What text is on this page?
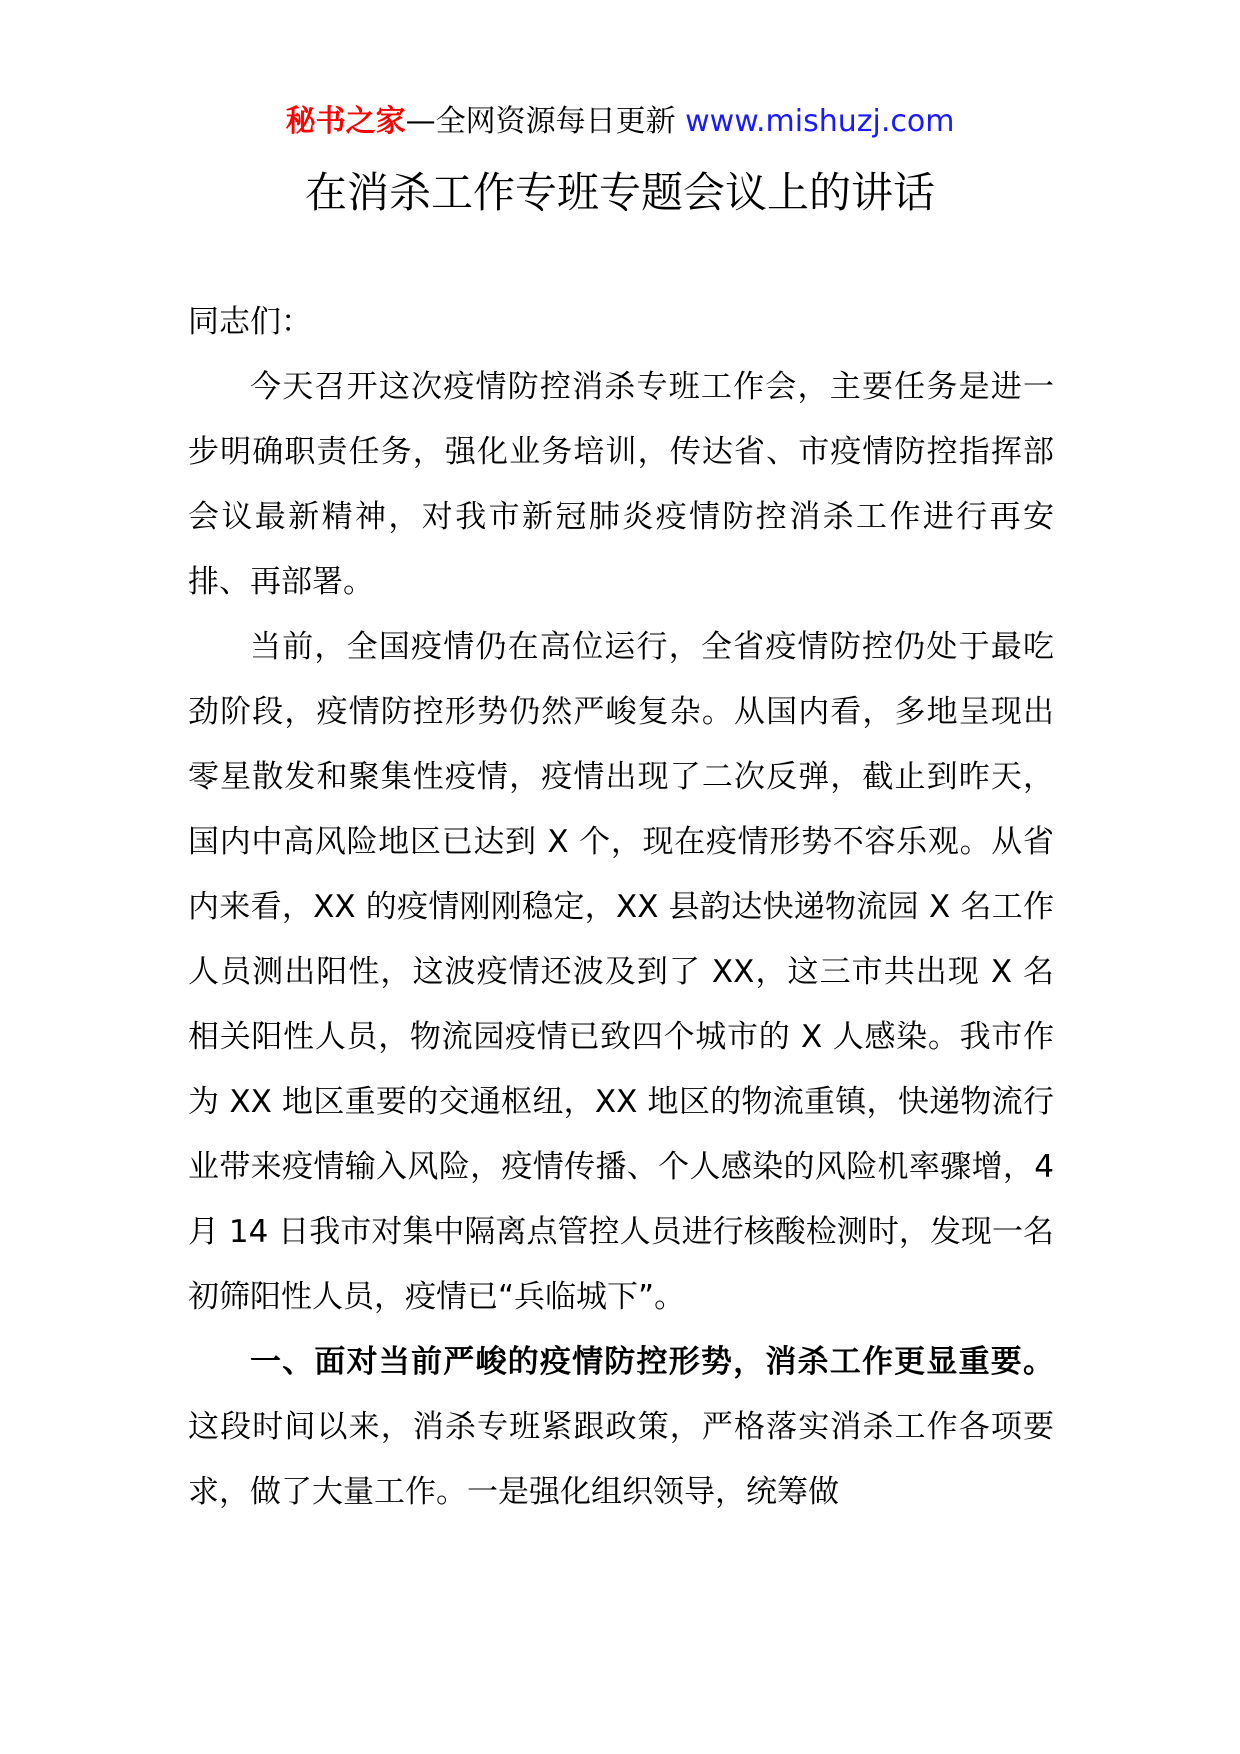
秘书之家—全网资源每日更新 www.mishuzj.com
在消杀工作专班专题会议上的讲话

同志们：

今天召开这次疫情防控消杀专班工作会，主要任务是进一步明确职责任务，强化业务培训，传达省、市疫情防控指挥部会议最新精神，对我市新冠肺炎疫情防控消杀工作进行再安排、再部署。

当前，全国疫情仍在高位运行，全省疫情防控仍处于最吃劲阶段，疫情防控形势仍然严峻复杂。从国内看，多地呈现出零星散发和聚集性疫情，疫情出现了二次反弹，截止到昨天，国内中高风险地区已达到 X 个，现在疫情形势不容乐观。从省内来看，XX 的疫情刚刚稳定，XX 县韵达快递物流园 X 名工作人员测出阳性，这波疫情还波及到了 XX，这三市共出现 X 名相关阳性人员，物流园疫情已致四个城市的 X 人感染。我市作为 XX 地区重要的交通枢纽，XX 地区的物流重镇，快递物流行业带来疫情输入风险，疫情传播、个人感染的风险机率骤增，4 月 14 日我市对集中隔离点管控人员进行核酸检测时，发现一名初筛阳性人员，疫情已“兵临城下”。

一、面对当前严峻的疫情防控形势，消杀工作更显重要。这段时间以来，消杀专班紧跟政策，严格落实消杀工作各项要求，做了大量工作。一是强化组织领导，统筹做
